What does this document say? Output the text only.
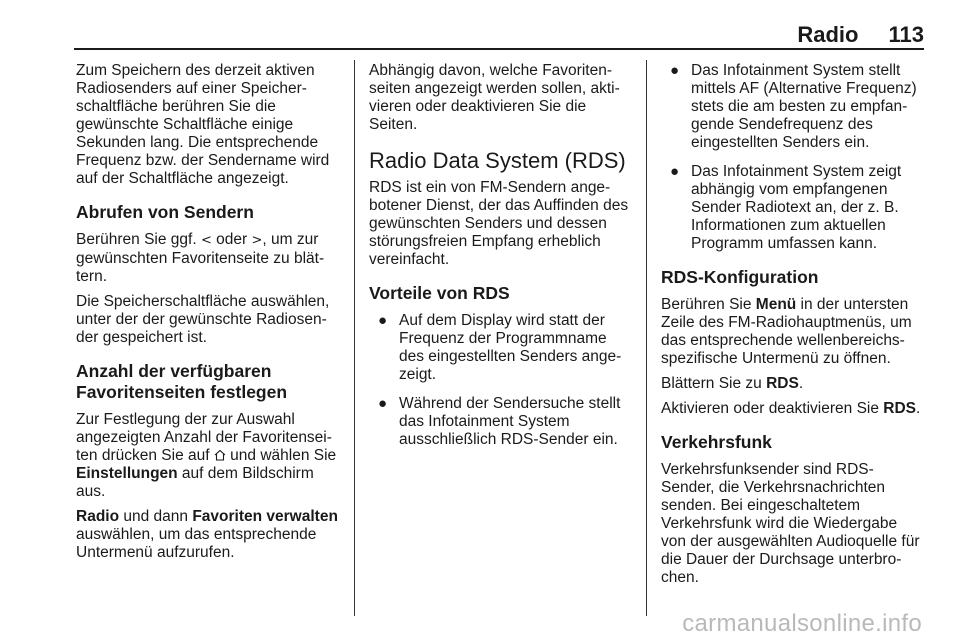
Radio 113

Zum Speichern des derzeit aktiven Radiosenders auf einer Speicher-schaltfläche berühren Sie die gewünschte Schaltfläche einige Sekunden lang. Die entsprechende Frequenz bzw. der Sendername wird auf der Schaltfläche angezeigt.

Abrufen von Sendern

Berühren Sie ggf. < oder >, um zur gewünschten Favoritenseite zu blät-tern.

Die Speicherschaltfläche auswählen, unter der der gewünschte Radiosen-der gespeichert ist.

Anzahl der verfügbaren Favoritenseiten festlegen

Zur Festlegung der zur Auswahl angezeigten Anzahl der Favoritensei-ten drücken Sie auf  und wählen Sie Einstellungen auf dem Bildschirm aus.

Radio und dann Favoriten verwalten auswählen, um das entsprechende Untermenü aufzurufen.

Abhängig davon, welche Favoriten-seiten angezeigt werden sollen, akti-vieren oder deaktivieren Sie die Seiten.

Radio Data System (RDS)

RDS ist ein von FM-Sendern ange-botener Dienst, der das Auffinden des gewünschten Senders und dessen störungsfreien Empfang erheblich vereinfacht.

Vorteile von RDS
● Auf dem Display wird statt der Frequenz der Programmname des eingestellten Senders ange-zeigt.
● Während der Sendersuche stellt das Infotainment System ausschließlich RDS-Sender ein.
● Das Infotainment System stellt mittels AF (Alternative Frequenz) stets die am besten zu empfan-gende Sendefrequenz des eingestellten Senders ein.
● Das Infotainment System zeigt abhängig vom empfangenen Sender Radiotext an, der z. B. Informationen zum aktuellen Programm umfassen kann.
RDS-Konfiguration

Berühren Sie Menü in der untersten Zeile des FM-Radiohauptmenüs, um das entsprechende wellenbereichs-spezifische Untermenü zu öffnen.

Blättern Sie zu RDS.

Aktivieren oder deaktivieren Sie RDS.

Verkehrsfunk

Verkehrsfunksender sind RDS-Sender, die Verkehrsnachrichten senden. Bei eingeschaltetem Verkehrsfunk wird die Wiedergabe von der ausgewählten Audioquelle für die Dauer der Durchsage unterbro-chen.

carmanualsonline.info
